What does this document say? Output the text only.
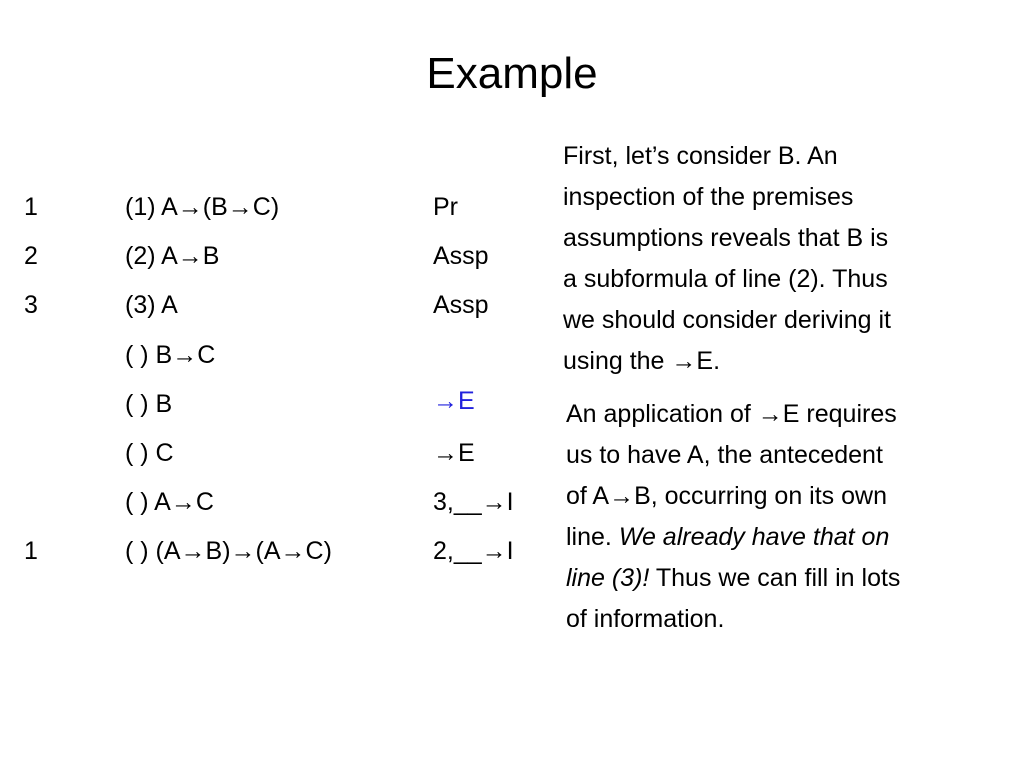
Example
1	(1) A→(B→C)	Pr
2	(2) A→B	Assp
3	(3) A	Assp
( ) B→C
( ) B	→E
( ) C	→E
( ) A→C	3,__→I
1	( ) (A→B)→(A→C)	2,__→I
First, let’s consider B. An
inspection of the premises
assumptions reveals that B is
a subformula of line (2). Thus
we should consider deriving it
using the →E.
An application of →E requires
us to have A, the antecedent
of A→B, occurring on its own
line. We already have that on
line (3)! Thus we can fill in lots
of information.
